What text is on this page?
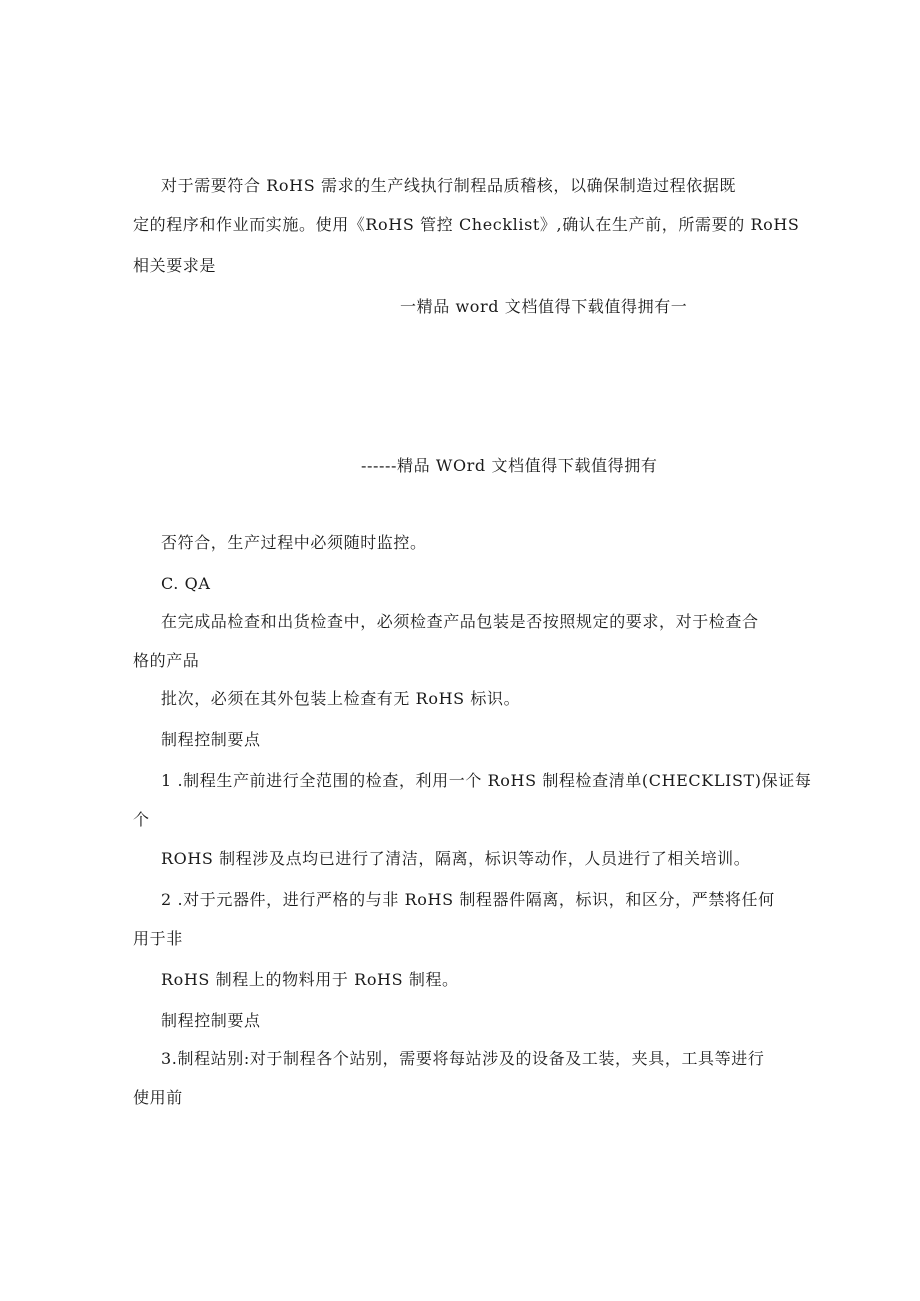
对于需要符合 RoHS 需求的生产线执行制程品质稽核，以确保制造过程依据既
定的程序和作业而实施。使用《RoHS 管控 Checklist》,确认在生产前，所需要的 RoHS
相关要求是
一精品 word 文档值得下载值得拥有一
------精品 WOrd 文档值得下载值得拥有
否符合，生产过程中必须随时监控。
C. QA
在完成品检查和出货检查中，必须检查产品包装是否按照规定的要求，对于检查合
格的产品
批次，必须在其外包装上检查有无 RoHS 标识。
制程控制要点
1 .制程生产前进行全范围的检查，利用一个 RoHS 制程检查清单(CHECKLIST)保证每
个
ROHS 制程涉及点均已进行了清洁，隔离，标识等动作，人员进行了相关培训。
2 .对于元器件，进行严格的与非 RoHS 制程器件隔离，标识，和区分，严禁将任何
用于非
RoHS 制程上的物料用于 RoHS 制程。
制程控制要点
3.制程站别:对于制程各个站别，需要将每站涉及的设备及工装，夹具，工具等进行
使用前
